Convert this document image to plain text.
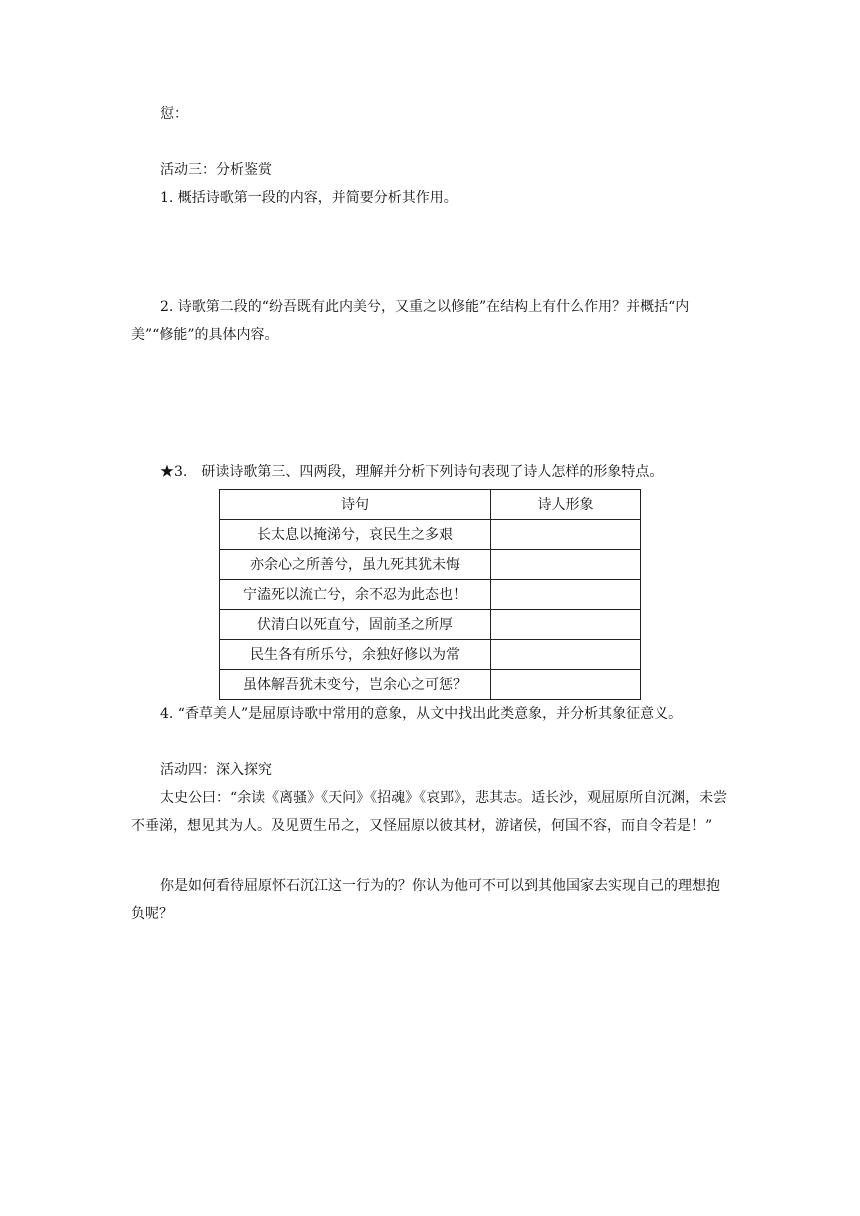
愆：
活动三：分析鉴赏
1. 概括诗歌第一段的内容，并简要分析其作用。
2. 诗歌第二段的“纷吾既有此内美兮，又重之以修能”在结构上有什么作用？并概括“内
美”“修能”的具体内容。
★3.　研读诗歌第三、四两段，理解并分析下列诗句表现了诗人怎样的形象特点。
诗句	诗人形象
长太息以掩涕兮，哀民生之多艰	
亦余心之所善兮，虽九死其犹未悔	
宁溘死以流亡兮，余不忍为此态也！	
伏清白以死直兮，固前圣之所厚	
民生各有所乐兮，余独好修以为常	
虽体解吾犹未变兮，岂余心之可惩？	
4. “香草美人”是屈原诗歌中常用的意象，从文中找出此类意象，并分析其象征意义。
活动四：深入探究
太史公曰：“余读《离骚》《天问》《招魂》《哀郢》，悲其志。适长沙，观屈原所自沉渊，未尝不垂涕，想见其为人。及见贾生吊之，又怪屈原以彼其材，游诸侯，何国不容，而自令若是！”
你是如何看待屈原怀石沉江这一行为的？你认为他可不可以到其他国家去实现自己的理想抱负呢？
